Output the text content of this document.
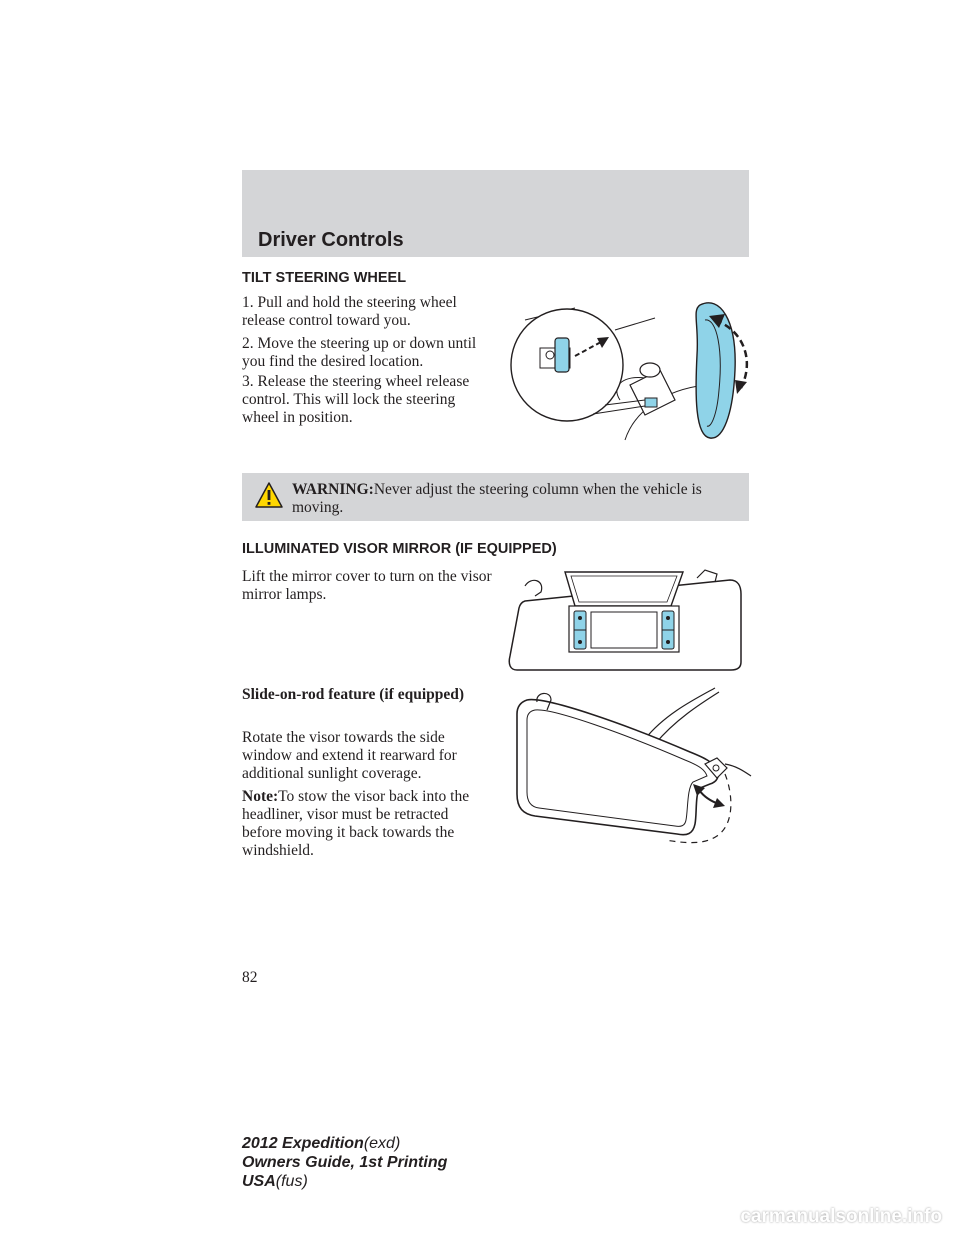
Driver Controls
TILT STEERING WHEEL

1. Pull and hold the steering wheel release control toward you.

2. Move the steering up or down until you find the desired location.

3. Release the steering wheel release control. This will lock the steering wheel in position.

WARNING:Never adjust the steering column when the vehicle is moving.
ILLUMINATED VISOR MIRROR (IF EQUIPPED)

Lift the mirror cover to turn on the visor mirror lamps.

Slide-on-rod feature (if equipped)

Rotate the visor towards the side window and extend it rearward for additional sunlight coverage.

Note:To stow the visor back into the headliner, visor must be retracted before moving it back towards the windshield.

82
2012 Expedition(exd)
Owners Guide, 1st Printing
USA(fus)
carmanualsonline.info
